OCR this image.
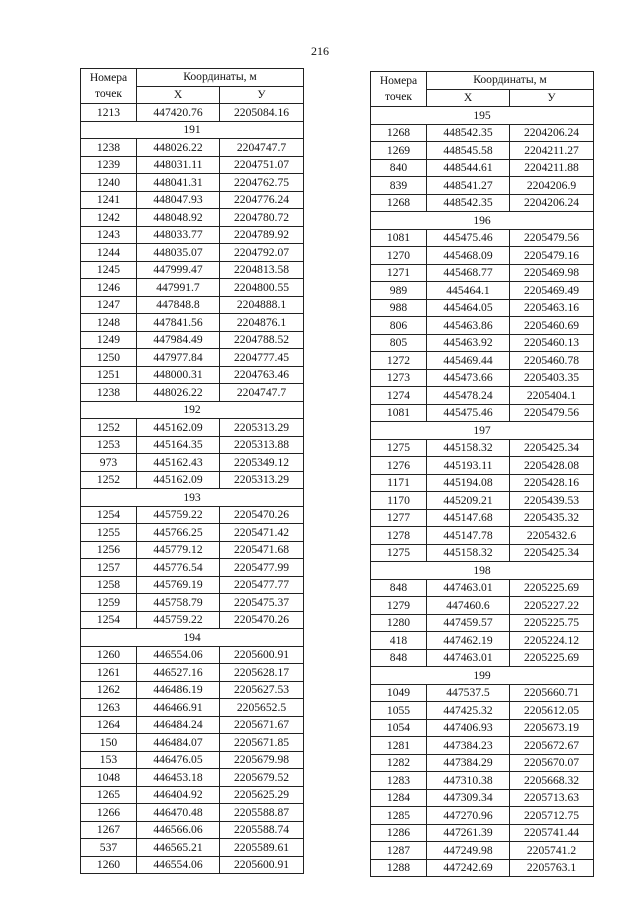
216
Номера
точек	Координаты, м	
	X	У
1213	447420.76	2205084.16
191		
1238	448026.22	2204747.7
1239	448031.11	2204751.07
1240	448041.31	2204762.75
1241	448047.93	2204776.24
1242	448048.92	2204780.72
1243	448033.77	2204789.92
1244	448035.07	2204792.07
1245	447999.47	2204813.58
1246	447991.7	2204800.55
1247	447848.8	2204888.1
1248	447841.56	2204876.1
1249	447984.49	2204788.52
1250	447977.84	2204777.45
1251	448000.31	2204763.46
1238	448026.22	2204747.7
192		
1252	445162.09	2205313.29
1253	445164.35	2205313.88
973	445162.43	2205349.12
1252	445162.09	2205313.29
193		
1254	445759.22	2205470.26
1255	445766.25	2205471.42
1256	445779.12	2205471.68
1257	445776.54	2205477.99
1258	445769.19	2205477.77
1259	445758.79	2205475.37
1254	445759.22	2205470.26
194		
1260	446554.06	2205600.91
1261	446527.16	2205628.17
1262	446486.19	2205627.53
1263	446466.91	2205652.5
1264	446484.24	2205671.67
150	446484.07	2205671.85
153	446476.05	2205679.98
1048	446453.18	2205679.52
1265	446404.92	2205625.29
1266	446470.48	2205588.87
1267	446566.06	2205588.74
537	446565.21	2205589.61
1260	446554.06	2205600.91
Номера
точек	Координаты, м	
	X	У
195		
1268	448542.35	2204206.24
1269	448545.58	2204211.27
840	448544.61	2204211.88
839	448541.27	2204206.9
1268	448542.35	2204206.24
196		
1081	445475.46	2205479.56
1270	445468.09	2205479.16
1271	445468.77	2205469.98
989	445464.1	2205469.49
988	445464.05	2205463.16
806	445463.86	2205460.69
805	445463.92	2205460.13
1272	445469.44	2205460.78
1273	445473.66	2205403.35
1274	445478.24	2205404.1
1081	445475.46	2205479.56
197		
1275	445158.32	2205425.34
1276	445193.11	2205428.08
1171	445194.08	2205428.16
1170	445209.21	2205439.53
1277	445147.68	2205435.32
1278	445147.78	2205432.6
1275	445158.32	2205425.34
198		
848	447463.01	2205225.69
1279	447460.6	2205227.22
1280	447459.57	2205225.75
418	447462.19	2205224.12
848	447463.01	2205225.69
199		
1049	447537.5	2205660.71
1055	447425.32	2205612.05
1054	447406.93	2205673.19
1281	447384.23	2205672.67
1282	447384.29	2205670.07
1283	447310.38	2205668.32
1284	447309.34	2205713.63
1285	447270.96	2205712.75
1286	447261.39	2205741.44
1287	447249.98	2205741.2
1288	447242.69	2205763.1
